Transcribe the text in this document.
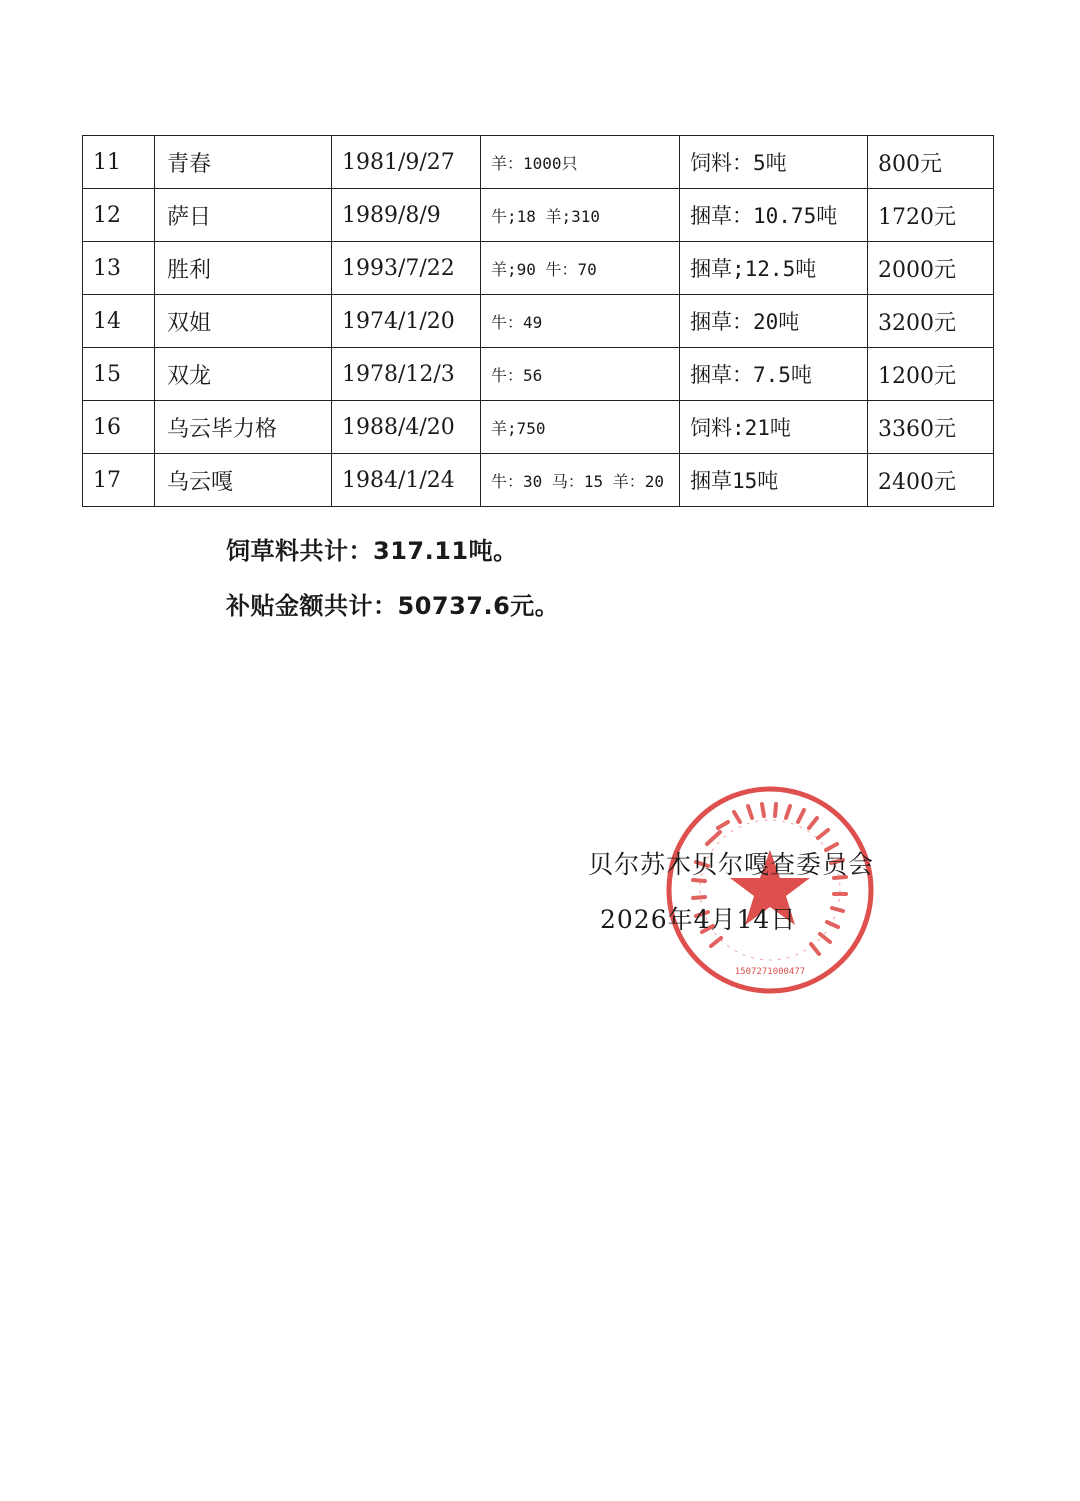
11	青春	1981/9/27	羊：1000只	饲料：5吨	800元
12	萨日	1989/8/9	牛;18 羊;310	捆草：10.75吨	1720元
13	胜利	1993/7/22	羊;90 牛：70	捆草;12.5吨	2000元
14	双姐	1974/1/20	牛：49	捆草：20吨	3200元
15	双龙	1978/12/3	牛：56	捆草：7.5吨	1200元
16	乌云毕力格	1988/4/20	羊;750	饲料:21吨	3360元
17	乌云嘎	1984/1/24	牛：30 马：15 羊：20	捆草15吨	2400元
饲草料共计：317.11吨。
补贴金额共计：50737.6元。
1507271000477
贝尔苏木贝尔嘎查委员会
2026年4月14日
